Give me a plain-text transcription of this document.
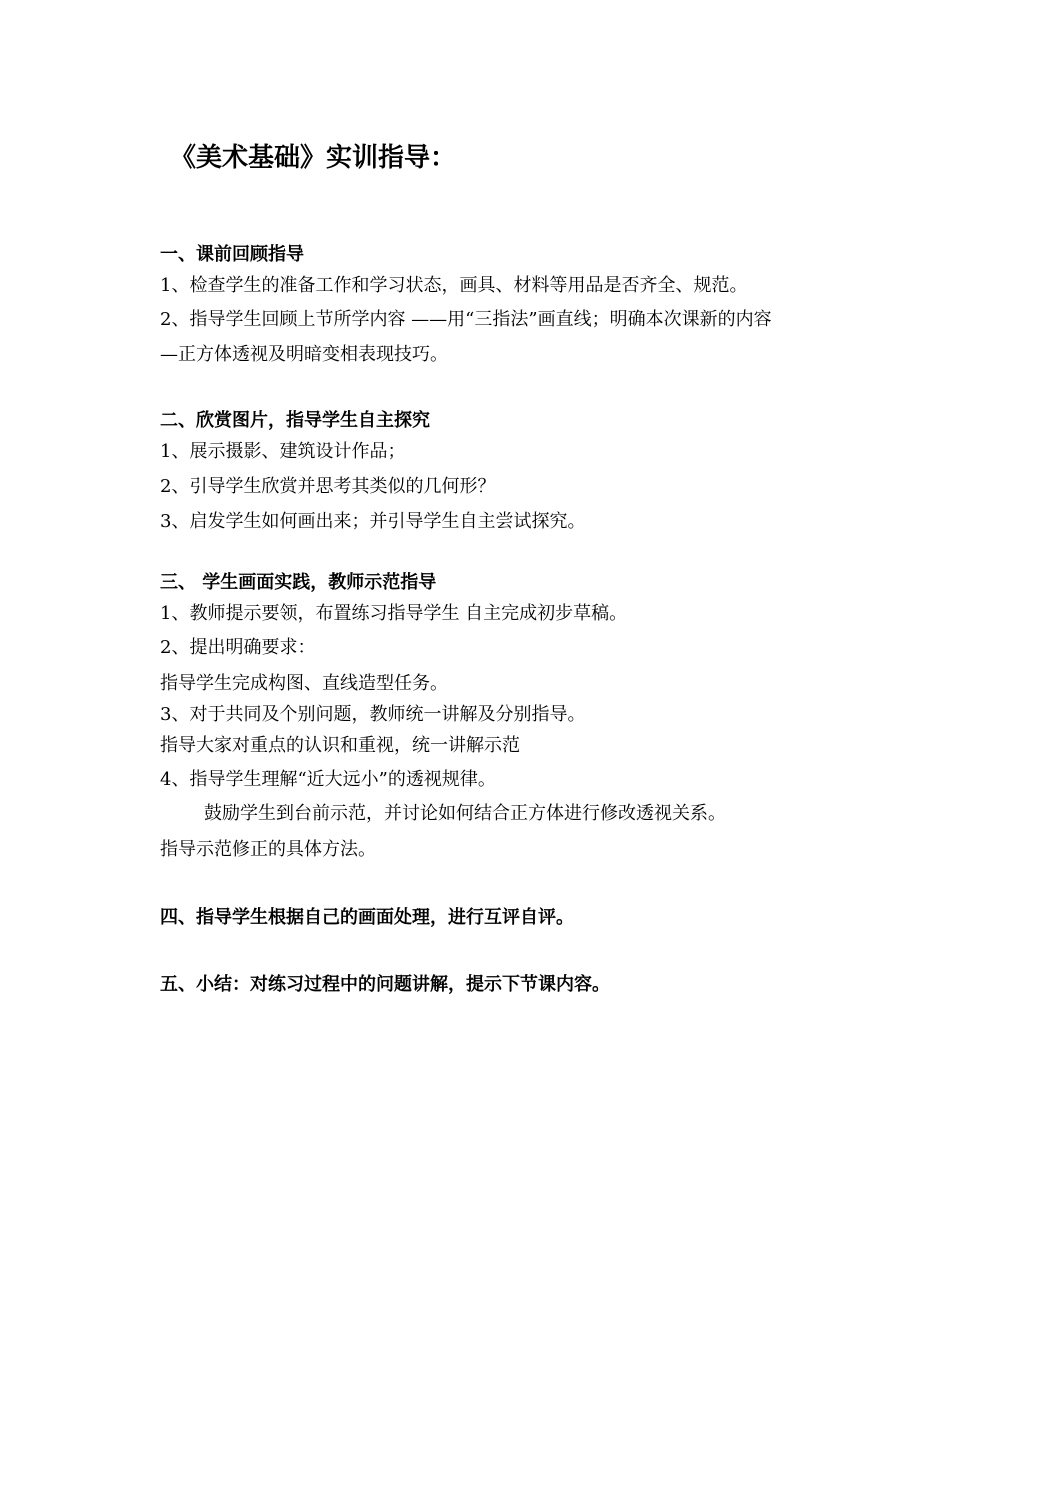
《美术基础》实训指导：
一、课前回顾指导
1、检查学生的准备工作和学习状态，画具、材料等用品是否齐全、规范。
2、指导学生回顾上节所学内容 ——用“三指法”画直线；明确本次课新的内容
—正方体透视及明暗变相表现技巧。
二、欣赏图片，指导学生自主探究
1、展示摄影、建筑设计作品；
2、引导学生欣赏并思考其类似的几何形？
3、启发学生如何画出来；并引导学生自主尝试探究。
三、 学生画面实践，教师示范指导
1、教师提示要领，布置练习指导学生 自主完成初步草稿。
2、提出明确要求：
指导学生完成构图、直线造型任务。
3、对于共同及个别问题，教师统一讲解及分别指导。
指导大家对重点的认识和重视，统一讲解示范
4、指导学生理解“近大远小”的透视规律。
鼓励学生到台前示范，并讨论如何结合正方体进行修改透视关系。
指导示范修正的具体方法。
四、指导学生根据自己的画面处理，进行互评自评。
五、小结：对练习过程中的问题讲解，提示下节课内容。
